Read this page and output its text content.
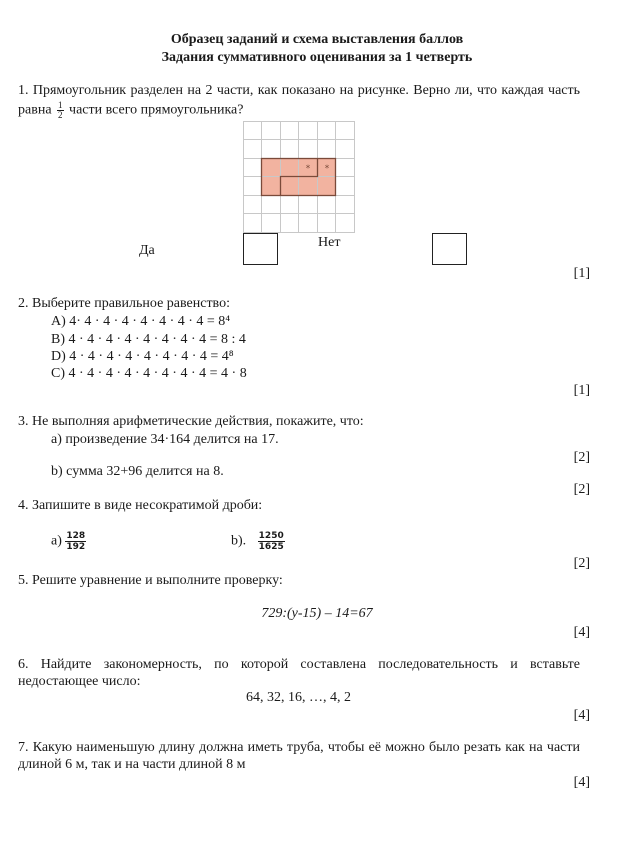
Образец заданий и схема выставления баллов
Задания суммативного оценивания за 1 четверть
1. Прямоугольник разделен на 2 части, как показано на рисунке. Верно ли, что каждая часть
равна $\frac{1}{2}$ части всего прямоугольника?
* *
Да
Нет
[1]
2. Выберите правильное равенство:
A) 4· 4 · 4 · 4 · 4 · 4 · 4 · 4 = 8⁴
B) 4 · 4 · 4 · 4 · 4 · 4 · 4 · 4 = 8 : 4
D) 4 · 4 · 4 · 4 · 4 · 4 · 4 · 4 = 4⁸
C) 4 · 4 · 4 · 4 · 4 · 4 · 4 · 4 = 4 · 8
[1]
3. Не выполняя арифметические действия, покажите, что:
а) произведение 34·164 делится на 17.
[2]
b) сумма 32+96 делится на 8.
[2]
4. Запишите в виде несократимой дроби:
$а) \frac{128}{192}$	b). $\frac{1250}{1625}$
[2]
5. Решите уравнение и выполните проверку:
729:(y-15) – 14=67
[4]
6. Найдите закономерность, по которой составлена последовательность и вставьте
недостающее число:
64, 32, 16, …, 4, 2
[4]
7. Какую наименьшую длину должна иметь труба, чтобы её можно было резать как на части
длиной 6 м, так и на части длиной 8 м
[4]
